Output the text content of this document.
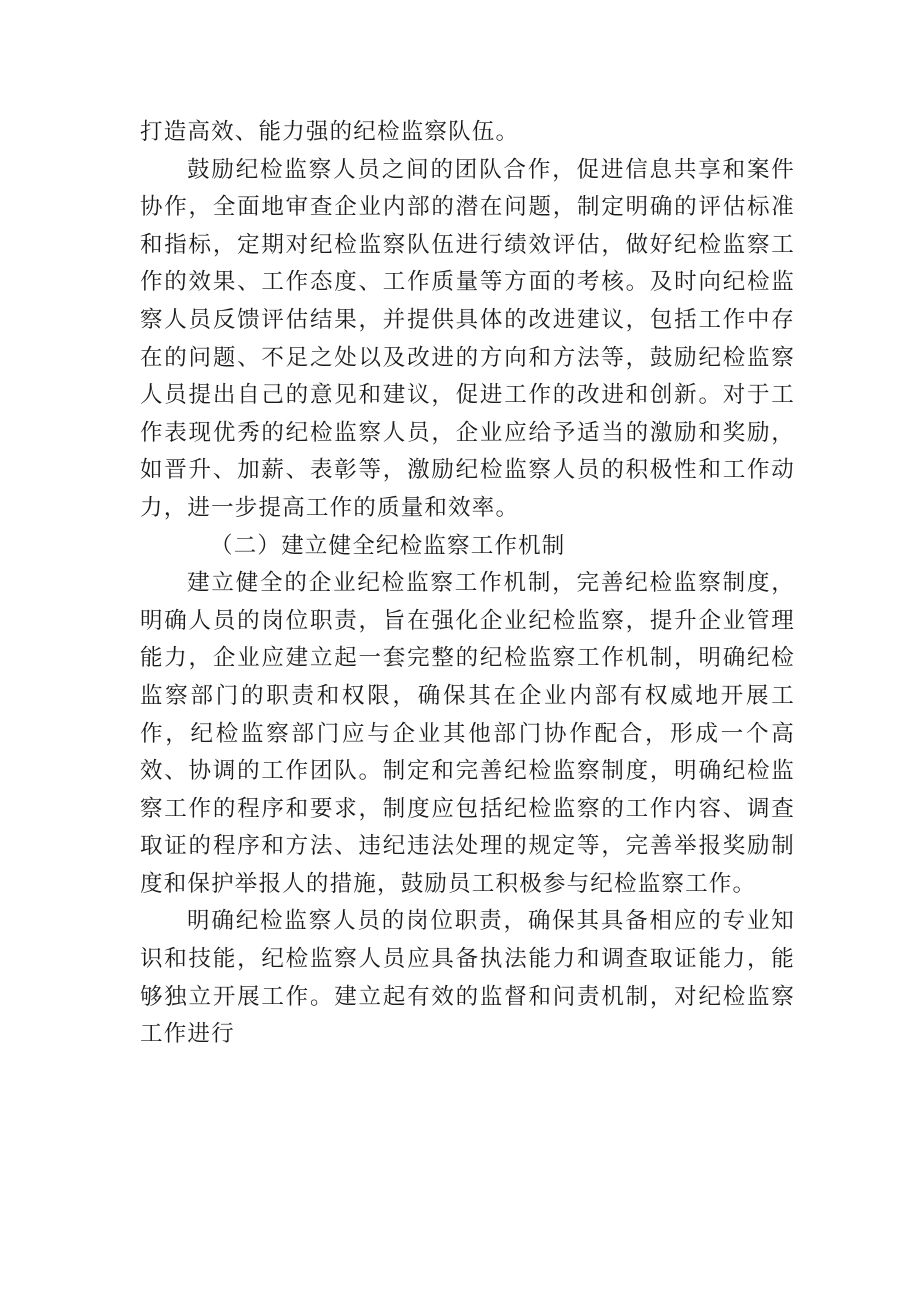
打造高效、能力强的纪检监察队伍。

鼓励纪检监察人员之间的团队合作，促进信息共享和案件协作，全面地审查企业内部的潜在问题，制定明确的评估标准和指标，定期对纪检监察队伍进行绩效评估，做好纪检监察工作的效果、工作态度、工作质量等方面的考核。及时向纪检监察人员反馈评估结果，并提供具体的改进建议，包括工作中存在的问题、不足之处以及改进的方向和方法等，鼓励纪检监察人员提出自己的意见和建议，促进工作的改进和创新。对于工作表现优秀的纪检监察人员，企业应给予适当的激励和奖励，如晋升、加薪、表彰等，激励纪检监察人员的积极性和工作动力，进一步提高工作的质量和效率。

（二）建立健全纪检监察工作机制

建立健全的企业纪检监察工作机制，完善纪检监察制度，明确人员的岗位职责，旨在强化企业纪检监察，提升企业管理能力，企业应建立起一套完整的纪检监察工作机制，明确纪检监察部门的职责和权限，确保其在企业内部有权威地开展工作，纪检监察部门应与企业其他部门协作配合，形成一个高效、协调的工作团队。制定和完善纪检监察制度，明确纪检监察工作的程序和要求，制度应包括纪检监察的工作内容、调查取证的程序和方法、违纪违法处理的规定等，完善举报奖励制度和保护举报人的措施，鼓励员工积极参与纪检监察工作。

明确纪检监察人员的岗位职责，确保其具备相应的专业知识和技能，纪检监察人员应具备执法能力和调查取证能力，能够独立开展工作。建立起有效的监督和问责机制，对纪检监察工作进行
